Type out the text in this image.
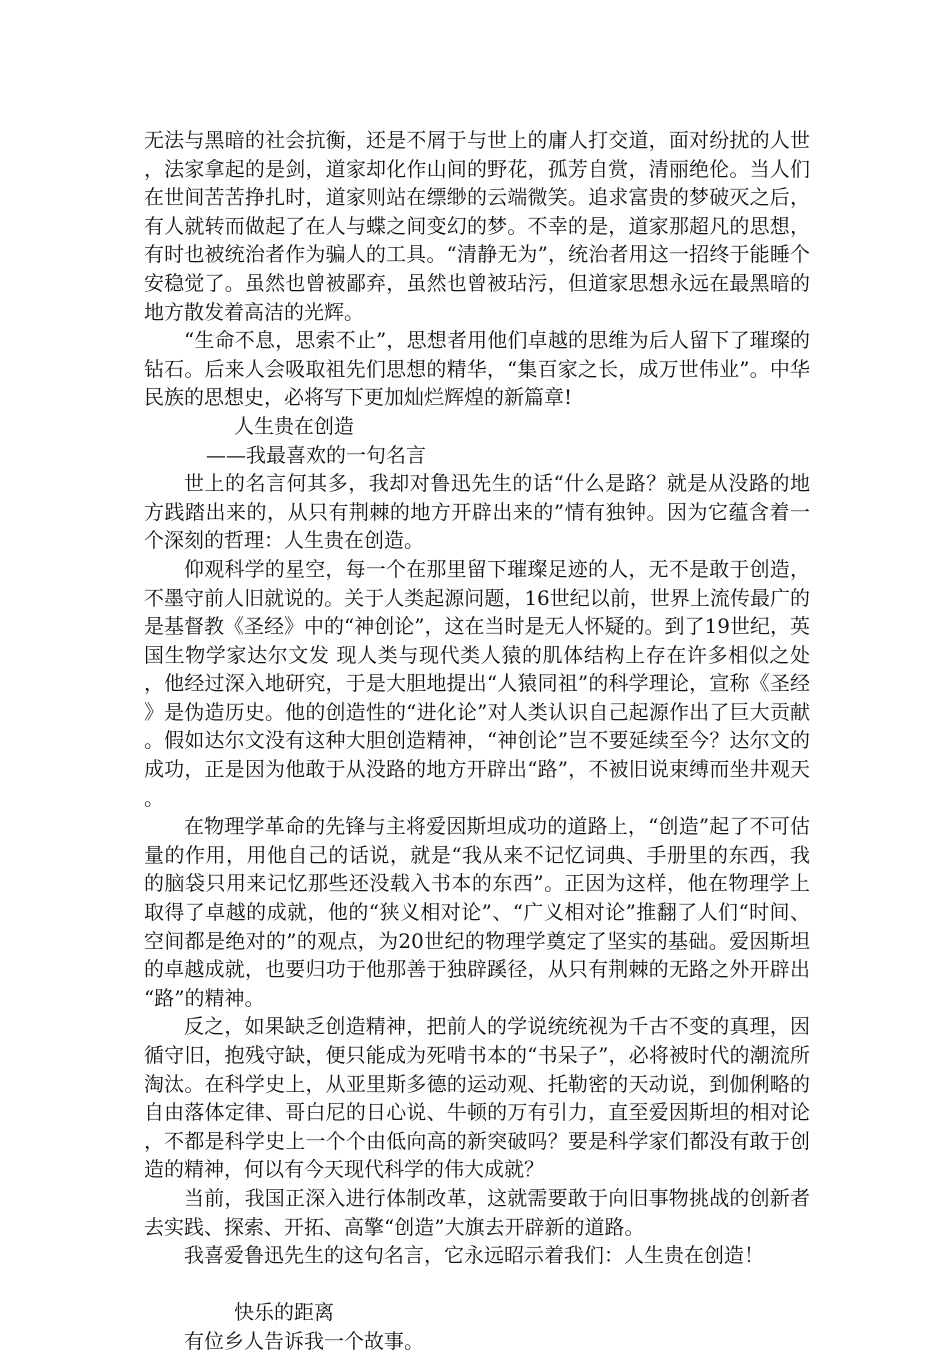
无法与黑暗的社会抗衡，还是不屑于与世上的庸人打交道，面对纷扰的人世，法家拿起的是剑，道家却化作山间的野花，孤芳自赏，清丽绝伦。当人们在世间苦苦挣扎时，道家则站在缥缈的云端微笑。追求富贵的梦破灭之后，有人就转而做起了在人与蝶之间变幻的梦。不幸的是，道家那超凡的思想，有时也被统治者作为骗人的工具。“清静无为”，统治者用这一招终于能睡个安稳觉了。虽然也曾被鄙弃，虽然也曾被玷污，但道家思想永远在最黑暗的地方散发着高洁的光辉。

“生命不息，思索不止”，思想者用他们卓越的思维为后人留下了璀璨的钻石。后来人会吸取祖先们思想的精华，“集百家之长，成万世伟业”。中华民族的思想史，必将写下更加灿烂辉煌的新篇章!

人生贵在创造

——我最喜欢的一句名言

世上的名言何其多，我却对鲁迅先生的话“什么是路？就是从没路的地方践踏出来的，从只有荆棘的地方开辟出来的”情有独钟。因为它蕴含着一个深刻的哲理：人生贵在创造。

仰观科学的星空，每一个在那里留下璀璨足迹的人，无不是敢于创造，不墨守前人旧就说的。关于人类起源问题，16世纪以前，世界上流传最广的是基督教《圣经》中的“神创论”，这在当时是无人怀疑的。到了19世纪，英国生物学家达尔文发 现人类与现代类人猿的肌体结构上存在许多相似之处，他经过深入地研究，于是大胆地提出“人猿同祖”的科学理论，宣称《圣经》是伪造历史。他的创造性的“进化论”对人类认识自己起源作出了巨大贡献。假如达尔文没有这种大胆创造精神，“神创论”岂不要延续至今？达尔文的成功，正是因为他敢于从没路的地方开辟出“路”，不被旧说束缚而坐井观天。

在物理学革命的先锋与主将爱因斯坦成功的道路上，“创造”起了不可估量的作用，用他自己的话说，就是“我从来不记忆词典、手册里的东西，我的脑袋只用来记忆那些还没载入书本的东西”。正因为这样，他在物理学上取得了卓越的成就，他的“狭义相对论”、“广义相对论”推翻了人们“时间、空间都是绝对的”的观点，为20世纪的物理学奠定了坚实的基础。爱因斯坦的卓越成就，也要归功于他那善于独辟蹊径，从只有荆棘的无路之外开辟出“路”的精神。

反之，如果缺乏创造精神，把前人的学说统统视为千古不变的真理，因循守旧，抱残守缺，便只能成为死啃书本的“书呆子”，必将被时代的潮流所淘汰。在科学史上，从亚里斯多德的运动观、托勒密的天动说，到伽俐略的自由落体定律、哥白尼的日心说、牛顿的万有引力，直至爱因斯坦的相对论，不都是科学史上一个个由低向高的新突破吗？要是科学家们都没有敢于创造的精神，何以有今天现代科学的伟大成就？

当前，我国正深入进行体制改革，这就需要敢于向旧事物挑战的创新者去实践、探索、开拓、高擎“创造”大旗去开辟新的道路。

我喜爱鲁迅先生的这句名言，它永远昭示着我们：人生贵在创造！

快乐的距离

有位乡人告诉我一个故事。
